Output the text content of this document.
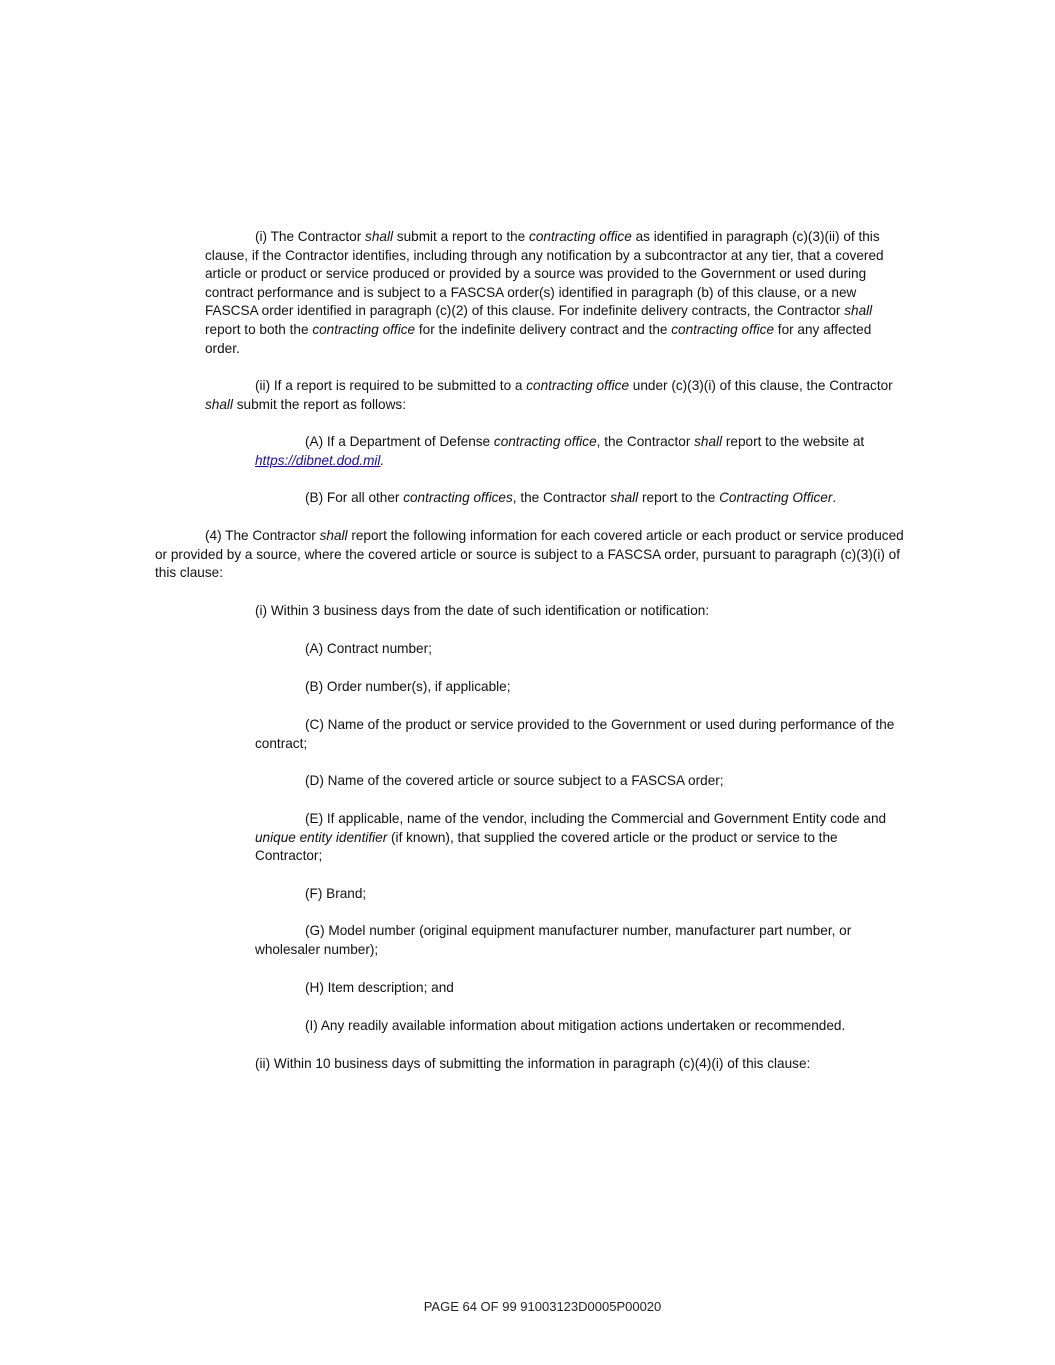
(i) The Contractor shall submit a report to the contracting office as identified in paragraph (c)(3)(ii) of this clause, if the Contractor identifies, including through any notification by a subcontractor at any tier, that a covered article or product or service produced or provided by a source was provided to the Government or used during contract performance and is subject to a FASCSA order(s) identified in paragraph (b) of this clause, or a new FASCSA order identified in paragraph (c)(2) of this clause. For indefinite delivery contracts, the Contractor shall report to both the contracting office for the indefinite delivery contract and the contracting office for any affected order.

(ii) If a report is required to be submitted to a contracting office under (c)(3)(i) of this clause, the Contractor shall submit the report as follows:

(A) If a Department of Defense contracting office, the Contractor shall report to the website at https://dibnet.dod.mil.

(B) For all other contracting offices, the Contractor shall report to the Contracting Officer.

(4) The Contractor shall report the following information for each covered article or each product or service produced or provided by a source, where the covered article or source is subject to a FASCSA order, pursuant to paragraph (c)(3)(i) of this clause:

(i) Within 3 business days from the date of such identification or notification:

(A) Contract number;

(B) Order number(s), if applicable;

(C) Name of the product or service provided to the Government or used during performance of the contract;

(D) Name of the covered article or source subject to a FASCSA order;

(E) If applicable, name of the vendor, including the Commercial and Government Entity code and unique entity identifier (if known), that supplied the covered article or the product or service to the Contractor;

(F) Brand;

(G) Model number (original equipment manufacturer number, manufacturer part number, or wholesaler number);

(H) Item description; and

(I) Any readily available information about mitigation actions undertaken or recommended.

(ii) Within 10 business days of submitting the information in paragraph (c)(4)(i) of this clause:

PAGE 64 OF 99 91003123D0005P00020
